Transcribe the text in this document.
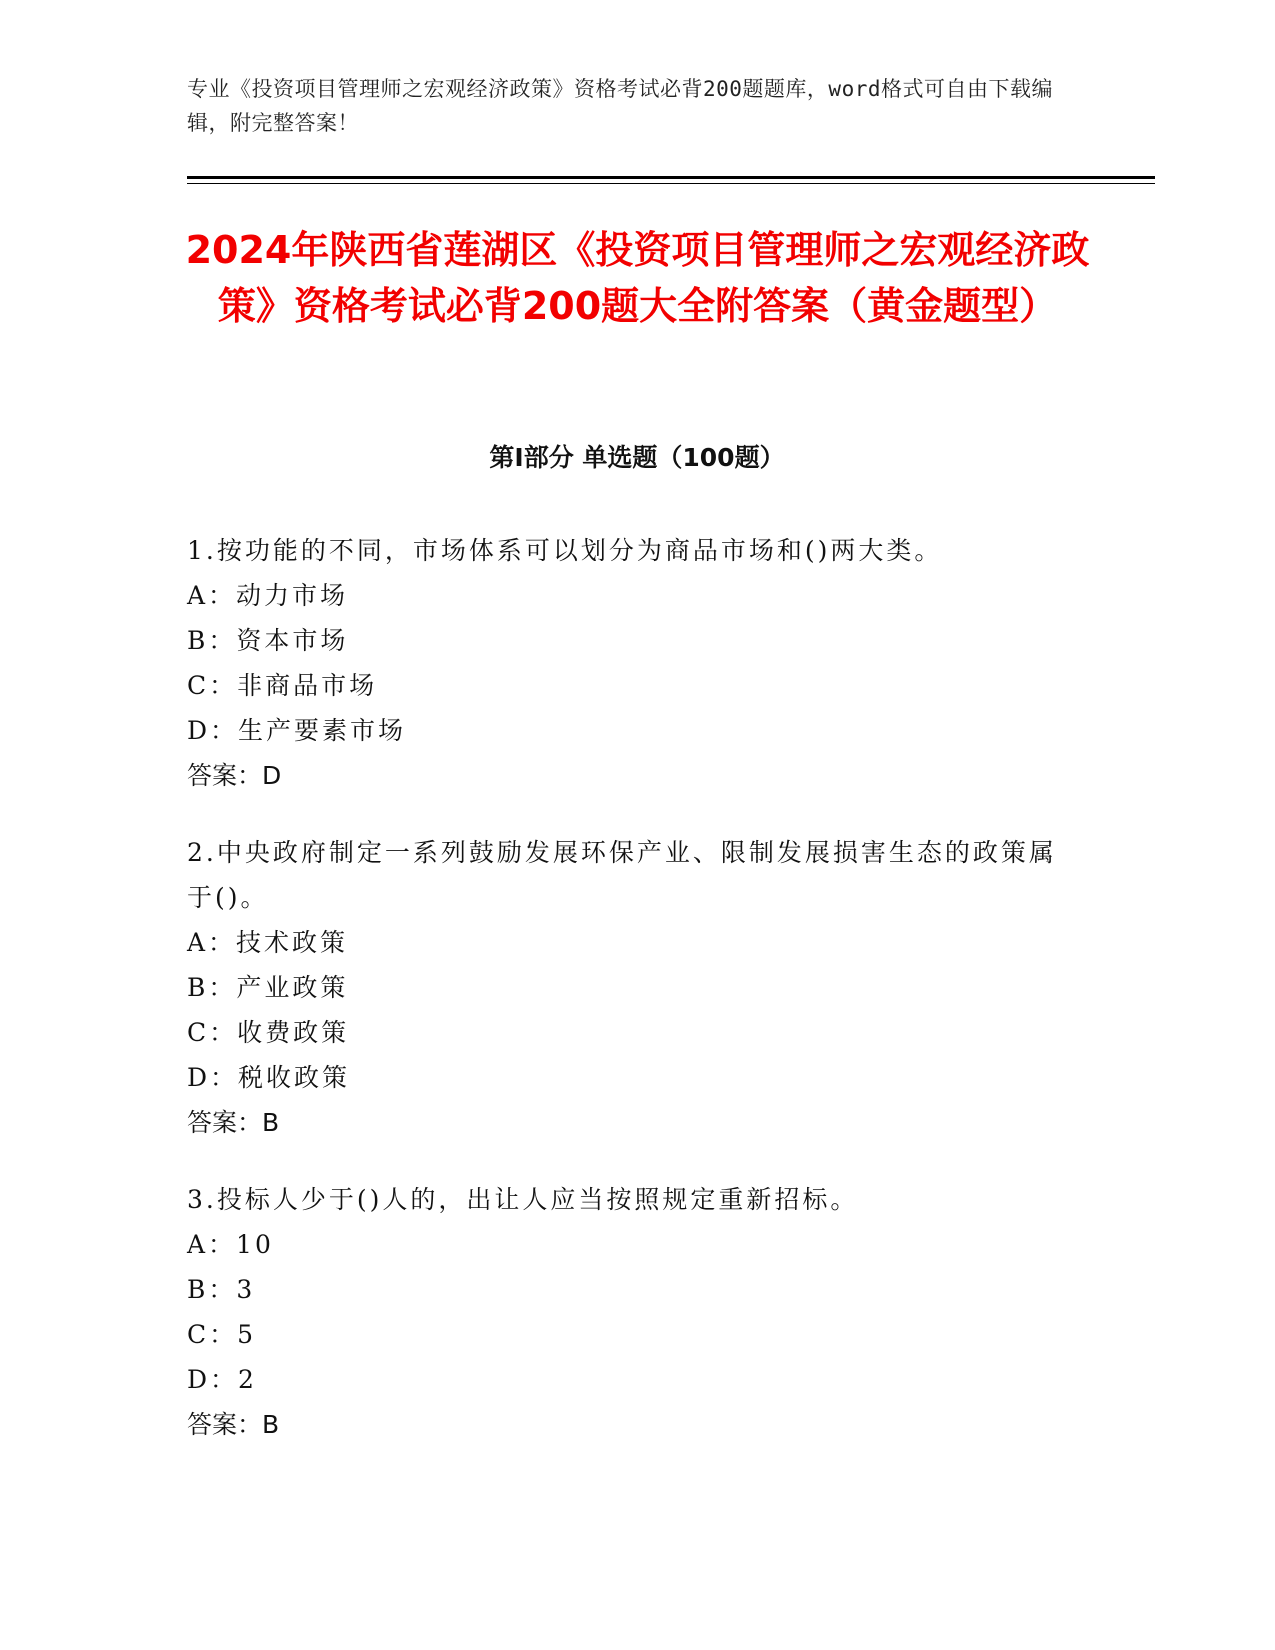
专业《投资项目管理师之宏观经济政策》资格考试必背200题题库，word格式可自由下载编辑，附完整答案！
2024年陕西省莲湖区《投资项目管理师之宏观经济政策》资格考试必背200题大全附答案（黄金题型）
第Ⅰ部分 单选题（100题）
1.按功能的不同，市场体系可以划分为商品市场和()两大类。
A：动力市场
B：资本市场
C：非商品市场
D：生产要素市场
答案：D
2.中央政府制定一系列鼓励发展环保产业、限制发展损害生态的政策属于()。
A：技术政策
B：产业政策
C：收费政策
D：税收政策
答案：B
3.投标人少于()人的，出让人应当按照规定重新招标。
A：10
B：3
C：5
D：2
答案：B
